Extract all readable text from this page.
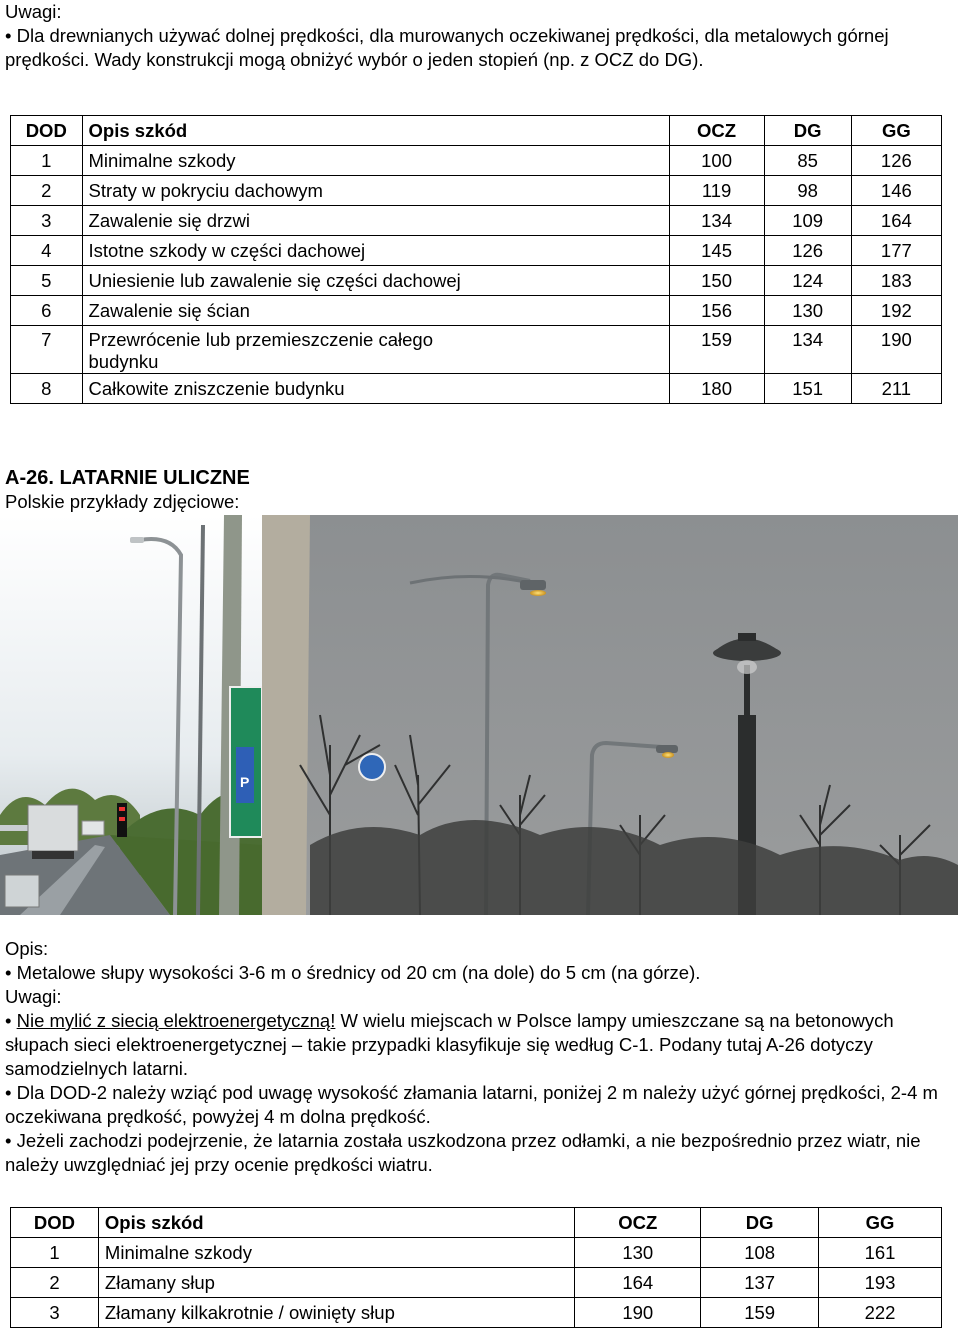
Uwagi:
• Dla drewnianych używać dolnej prędkości, dla murowanych oczekiwanej prędkości, dla metalowych górnej prędkości. Wady konstrukcji mogą obniżyć wybór o jeden stopień (np. z OCZ do DG).
DOD	Opis szkód	OCZ	DG	GG
1	Minimalne szkody	100	85	126
2	Straty w pokryciu dachowym	119	98	146
3	Zawalenie się drzwi	134	109	164
4	Istotne szkody w części dachowej	145	126	177
5	Uniesienie lub zawalenie się części dachowej	150	124	183
6	Zawalenie się ścian	156	130	192
7	Przewrócenie lub przemieszczenie całego budynku	159	134	190
8	Całkowite zniszczenie budynku	180	151	211
A-26. LATARNIE ULICZNE
Polskie przykłady zdjęciowe:
P
Opis:
• Metalowe słupy wysokości 3-6 m o średnicy od 20 cm (na dole) do 5 cm (na górze).
Uwagi:
• Nie mylić z siecią elektroenergetyczną! W wielu miejscach w Polsce lampy umieszczane są na betonowych słupach sieci elektroenergetycznej – takie przypadki klasyfikuje się według C-1. Podany tutaj A-26 dotyczy samodzielnych latarni.
• Dla DOD-2 należy wziąć pod uwagę wysokość złamania latarni, poniżej 2 m należy użyć górnej prędkości, 2-4 m oczekiwana prędkość, powyżej 4 m dolna prędkość.
• Jeżeli zachodzi podejrzenie, że latarnia została uszkodzona przez odłamki, a nie bezpośrednio przez wiatr, nie należy uwzględniać jej przy ocenie prędkości wiatru.
DOD	Opis szkód	OCZ	DG	GG
1	Minimalne szkody	130	108	161
2	Złamany słup	164	137	193
3	Złamany kilkakrotnie / owinięty słup	190	159	222
